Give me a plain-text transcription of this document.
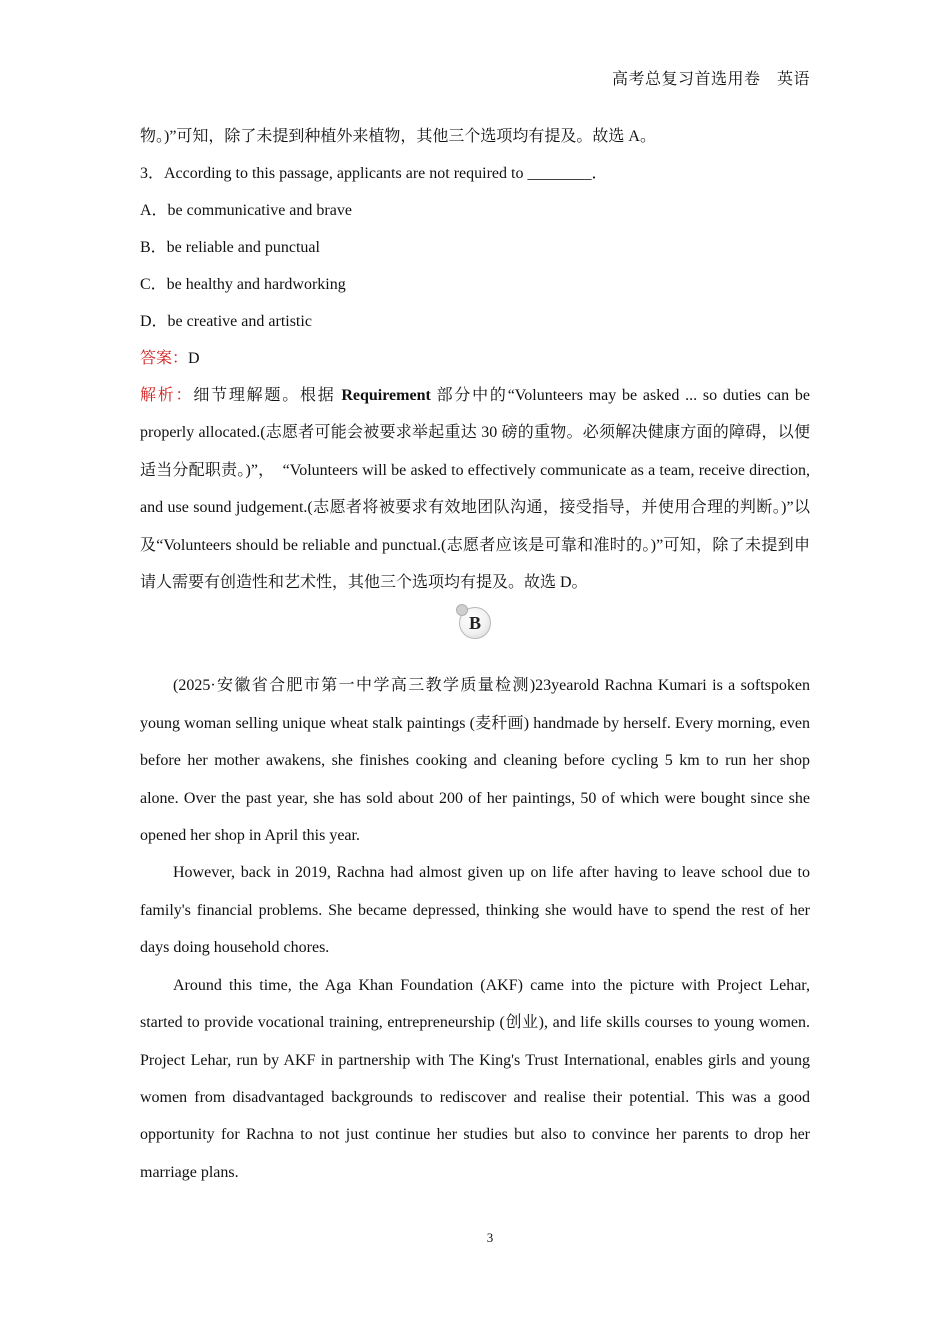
高考总复习首选用卷　英语

物。)”可知，除了未提到种植外来植物，其他三个选项均有提及。故选 A。

3．According to this passage, applicants are not required to ________．

A．be communicative and brave

B．be reliable and punctual

C．be healthy and hardworking

D．be creative and artistic

答案：D

解析：细节理解题。根据 Requirement 部分中的“Volunteers may be asked ... so duties can be properly allocated.(志愿者可能会被要求举起重达 30 磅的重物。必须解决健康方面的障碍，以便适当分配职责。)”，　“Volunteers will be asked to effectively communicate as a team, receive direction, and use sound judgement.(志愿者将被要求有效地团队沟通，接受指导，并使用合理的判断。)”以及“Volunteers should be reliable and punctual.(志愿者应该是可靠和准时的。)”可知，除了未提到申请人需要有创造性和艺术性，其他三个选项均有提及。故选 D。

B

(2025·安徽省合肥市第一中学高三教学质量检测)23yearold Rachna Kumari is a softspoken young woman selling unique wheat stalk paintings (麦秆画) handmade by herself. Every morning, even before her mother awakens, she finishes cooking and cleaning before cycling 5 km to run her shop alone. Over the past year, she has sold about 200 of her paintings, 50 of which were bought since she opened her shop in April this year.

However, back in 2019, Rachna had almost given up on life after having to leave school due to family's financial problems. She became depressed, thinking she would have to spend the rest of her days doing household chores.

Around this time, the Aga Khan Foundation (AKF) came into the picture with Project Lehar, started to provide vocational training, entrepreneurship (创业), and life skills courses to young women. Project Lehar, run by AKF in partnership with The King's Trust International, enables girls and young women from disadvantaged backgrounds to rediscover and realise their potential. This was a good opportunity for Rachna to not just continue her studies but also to convince her parents to drop her marriage plans.

3
